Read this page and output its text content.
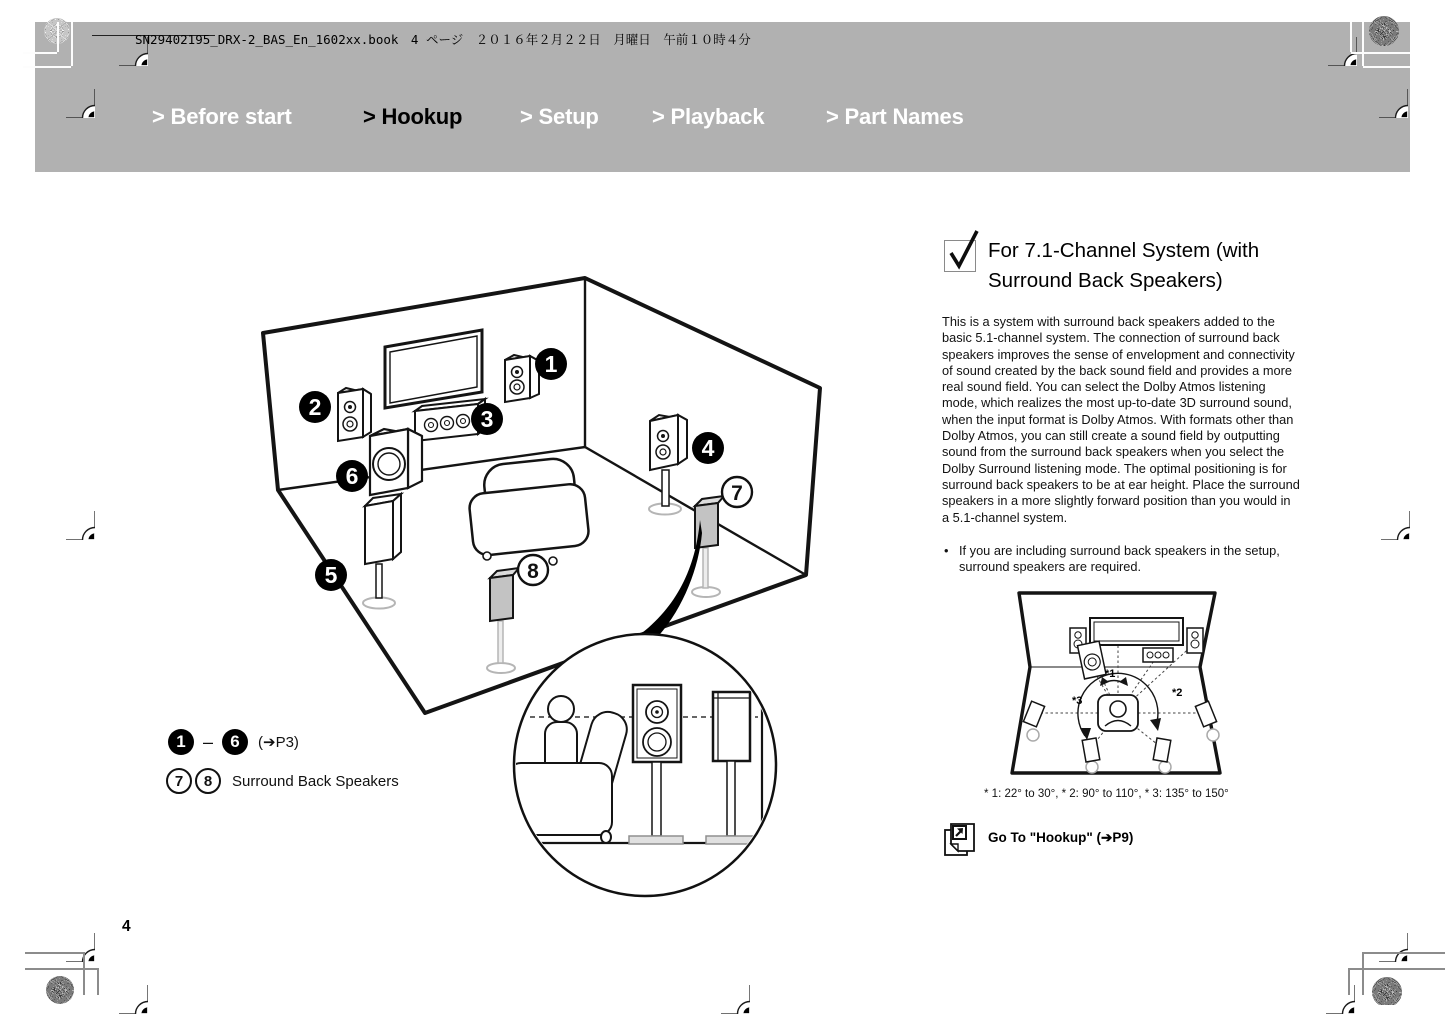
SN29402195_DRX-2_BAS_En_1602xx.book　4 ページ　２０１６年２月２２日　月曜日　午前１０時４分
> Before start	> Hookup	> Setup > Playback	> Part Names
1
2	3
4
5
6
7
8
1 –	6	(➔P3)
7	8	Surround Back Speakers
For 7.1-Channel System (with Surround Back Speakers)
This is a system with surround back speakers added to the basic 5.1-channel system. The connection of surround back speakers improves the sense of envelopment and connectivity of sound created by the back sound field and provides a more real sound field. You can select the Dolby Atmos listening mode, which realizes the most up-to-date 3D surround sound, when the input format is Dolby Atmos. With formats other than Dolby Atmos, you can still create a sound field by outputting sound from the surround back speakers when you select the Dolby Surround listening mode. The optimal positioning is for surround back speakers to be at ear height. Place the surround speakers in a more slightly forward position than you would in a 5.1-channel system.
• If you are including surround back speakers in the setup, surround speakers are required.
*1
*2
*3
* 1: 22° to 30°, * 2: 90° to 110°, * 3: 135° to 150°
Go To "Hookup" (➔P9)
4
